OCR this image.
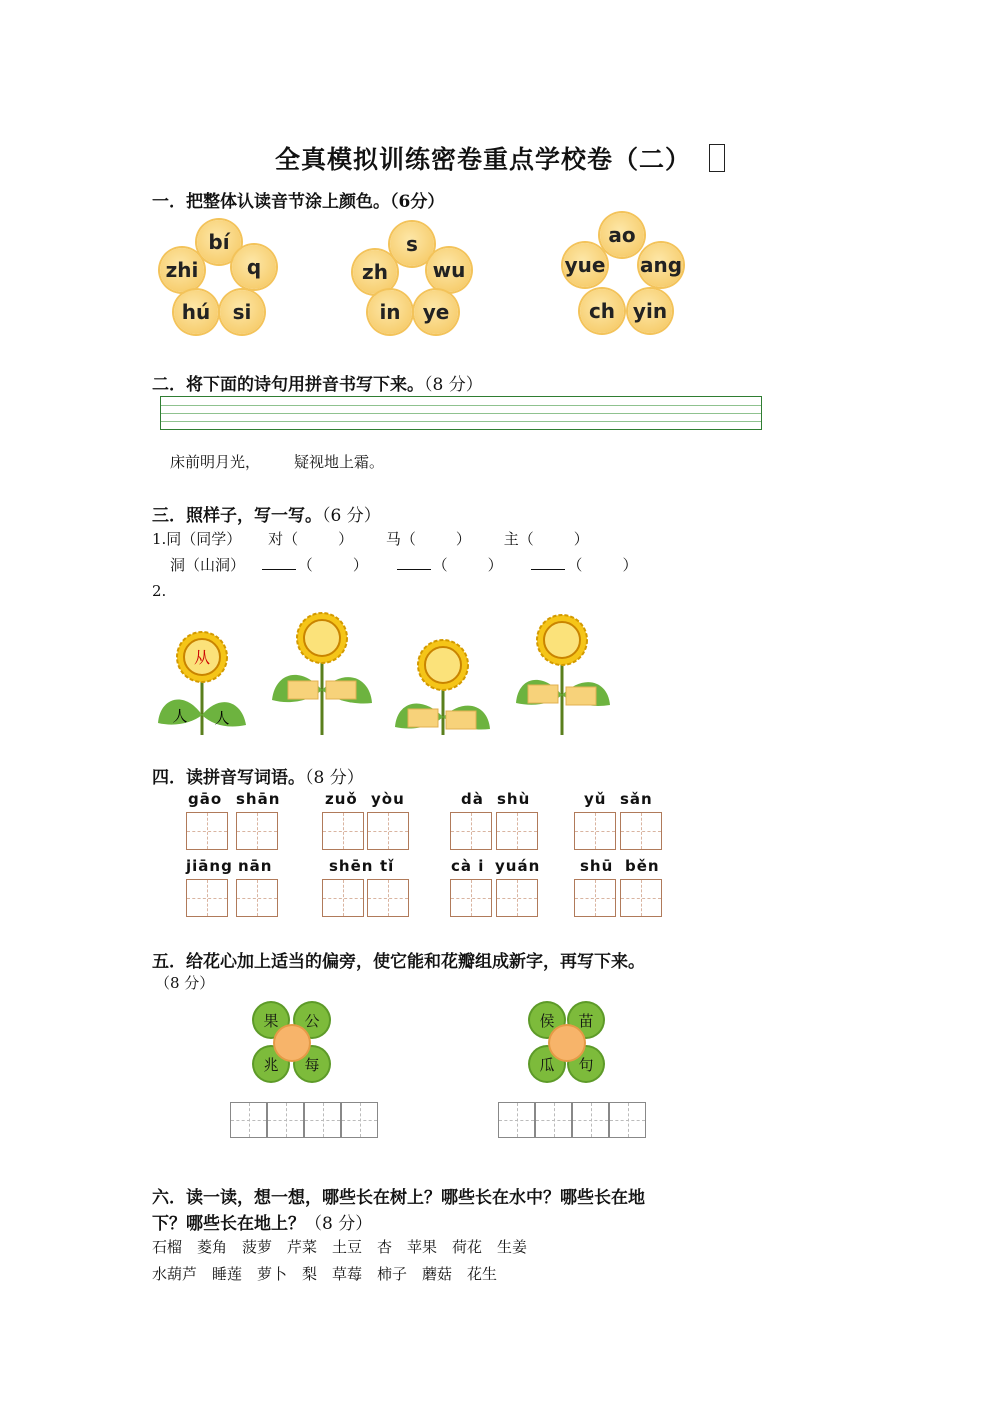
全真模拟训练密卷重点学校卷（二）
一．把整体认读音节涂上颜色。（6分）
bí
zhi	q
hú	si
s
zh	wu
in	ye
ao
yue ang
ch yin
二．将下面的诗句用拼音书写下来。（8 分）
床前明月光， 疑视地上霜。
三．照样子，写一写。（6 分）
1.同（同学） 对（	） 马（	） 主（	）
洞（山洞）	（	）	（	）	（	）
2.
从
人 人
四．读拼音写词语。（8 分）
gāo shān	zuǒ yòu	dà shù	yǔ sǎn
jiāng nān	shēn tǐ	cà i yuán	shū běn
五．给花心加上适当的偏旁，使它能和花瓣组成新字，再写下来。
（8 分）
果	公
兆	每
侯	苗
瓜	句
六．读一读，想一想，哪些长在树上？哪些长在水中？哪些长在地
下？哪些长在地上？（8 分）
石榴　菱角　菠萝　芹菜　土豆　杏　苹果　荷花　生姜
水葫芦　睡莲　萝卜　梨　草莓　柿子　蘑菇　花生
